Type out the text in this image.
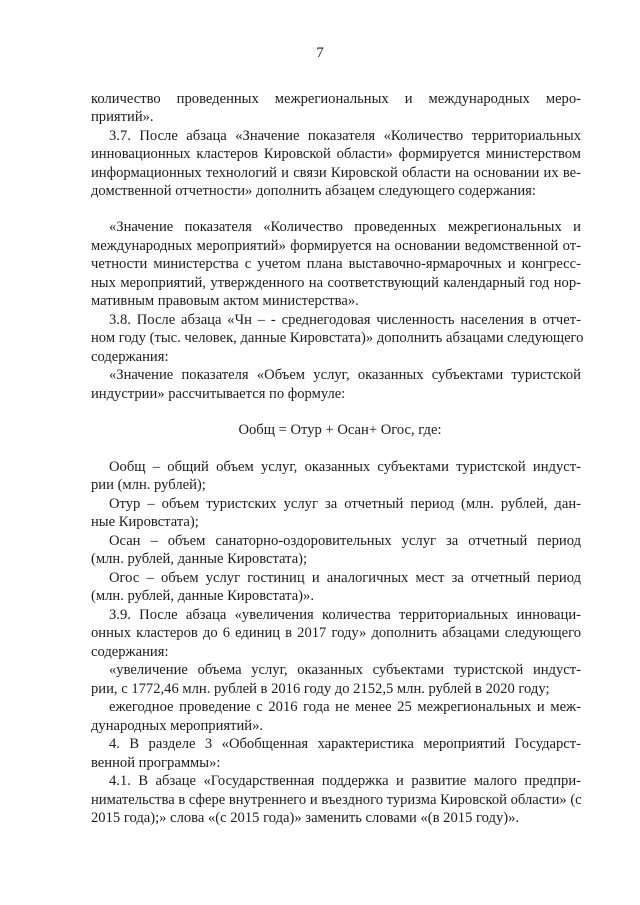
7

количество проведенных межрегиональных и международных меро-

приятий».

3.7. После абзаца «Значение показателя «Количество территориальных

инновационных кластеров Кировской области» формируется министерством

информационных технологий и связи Кировской области на основании их ве-

домственной отчетности» дополнить абзацем следующего содержания:

«Значение показателя «Количество проведенных межрегиональных и

международных мероприятий» формируется на основании ведомственной от-

четности министерства с учетом плана выставочно-ярмарочных и конгресс-

ных мероприятий, утвержденного на соответствующий календарный год нор-

мативным правовым актом министерства».

3.8. После абзаца «Чн – - среднегодовая численность населения в отчет-

ном году (тыс. человек, данные Кировстата)» дополнить абзацами следующего

содержания:

«Значение показателя «Объем услуг, оказанных субъектами туристской

индустрии» рассчитывается по формуле:

Ообщ = Отур + Осан+ Огос, где:

Ообщ – общий объем услуг, оказанных субъектами туристской индуст-

рии (млн. рублей);

Отур – объем туристских услуг за отчетный период (млн. рублей, дан-

ные Кировстата);

Осан – объем санаторно-оздоровительных услуг за отчетный период

(млн. рублей, данные Кировстата);

Огос – объем услуг гостиниц и аналогичных мест за отчетный период

(млн. рублей, данные Кировстата)».

3.9. После абзаца «увеличения количества территориальных инноваци-

онных кластеров до 6 единиц в 2017 году» дополнить абзацами следующего

содержания:

«увеличение объема услуг, оказанных субъектами туристской индуст-

рии, с 1772,46 млн. рублей в 2016 году до 2152,5 млн. рублей в 2020 году;

ежегодное проведение с 2016 года не менее 25 межрегиональных и меж-

дународных мероприятий».

4. В разделе 3 «Обобщенная характеристика мероприятий Государст-

венной программы»:

4.1. В абзаце «Государственная поддержка и развитие малого предпри-

нимательства в сфере внутреннего и въездного туризма Кировской области» (с

2015 года);» слова «(с 2015 года)» заменить словами «(в 2015 году)».
